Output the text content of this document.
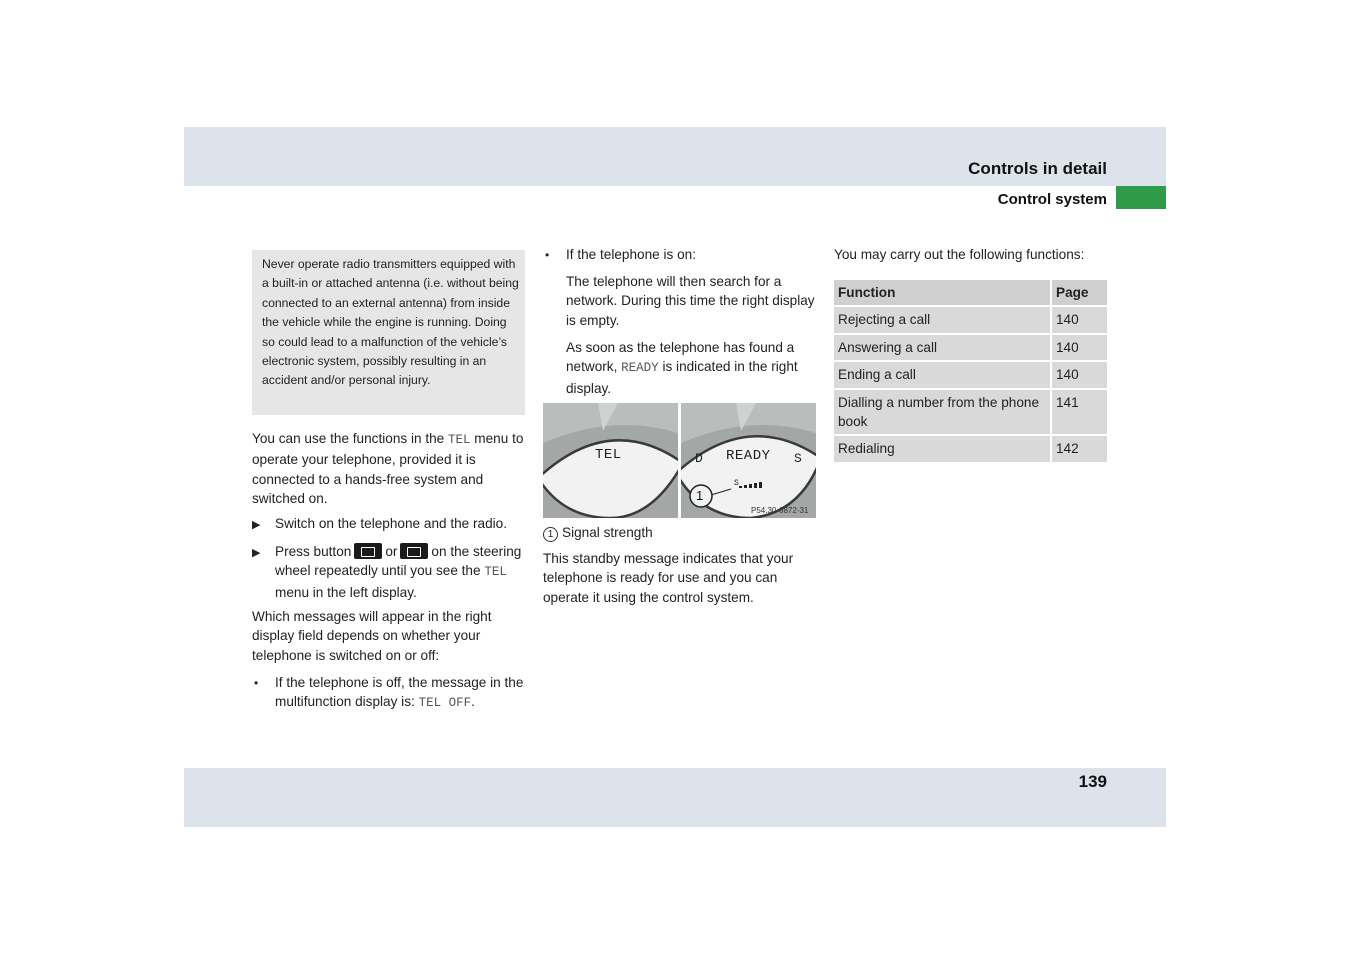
Controls in detail
Control system
Never operate radio transmitters equipped with a built-in or attached antenna (i.e. without being connected to an external antenna) from inside the vehicle while the engine is running. Doing so could lead to a malfunction of the vehicle’s electronic system, possibly resulting in an accident and/or personal injury.

You can use the functions in the TEL menu to operate your telephone, provided it is connected to a hands-free system and switched on.

▶ Switch on the telephone and the radio.

▶ Press button	or	on the steering wheel repeatedly until you see the TEL menu in the left display.

Which messages will appear in the right display field depends on whether your telephone is switched on or off:

• If the telephone is off, the message in the multifunction display is: TEL OFF.

• If the telephone is on:

The telephone will then search for a network. During this time the right display is empty.

As soon as the telephone has found a network, READY is indicated in the right display.

TEL	D READY S
S
1
P54.30-6872-31

1 Signal strength

This standby message indicates that your telephone is ready for use and you can operate it using the control system.

You may carry out the following functions:

Function	Page
Rejecting a call	140
Answering a call	140
Ending a call	140
Dialling a number from the phone book	141
Redialing	142
139
